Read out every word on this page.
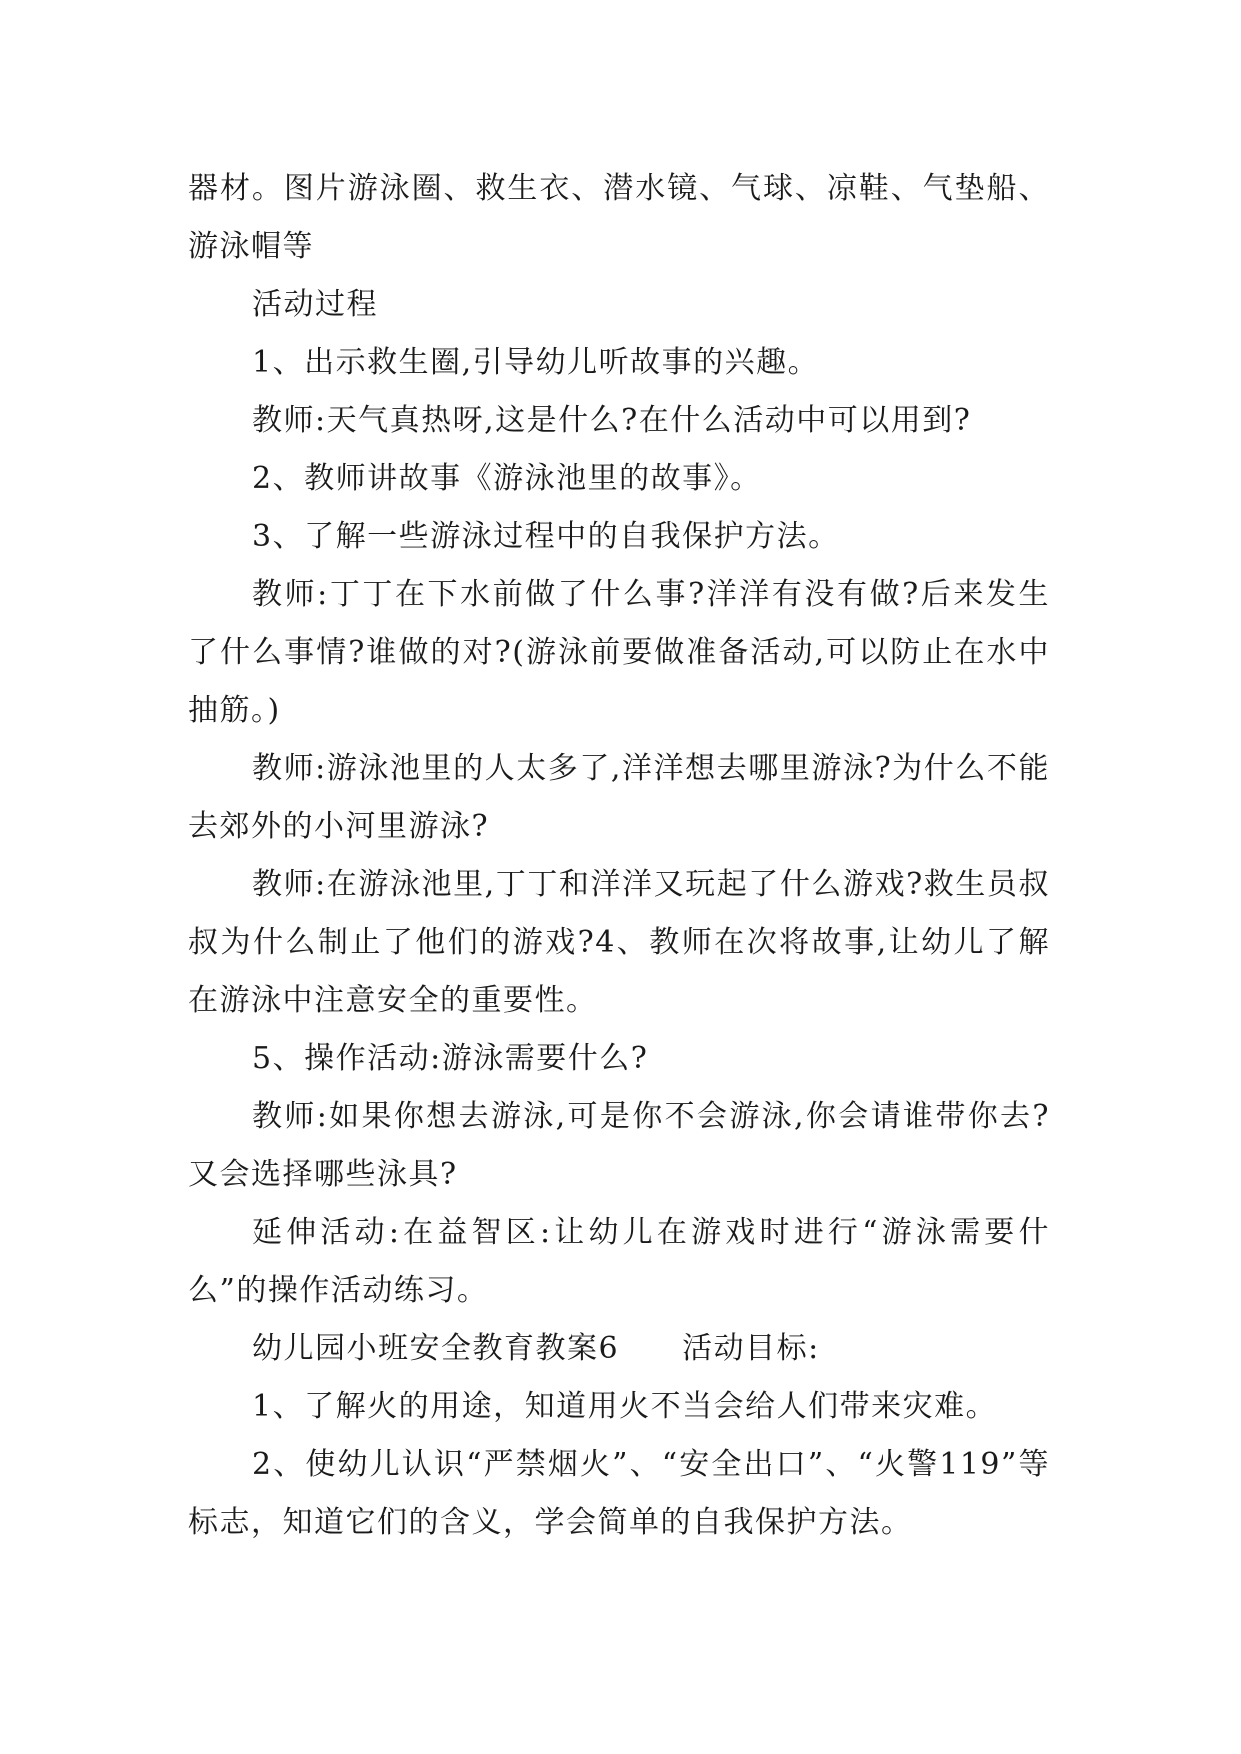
器材。图片游泳圈、救生衣、潜水镜、气球、凉鞋、气垫船、游泳帽等

活动过程

1、出示救生圈,引导幼儿听故事的兴趣。

教师:天气真热呀,这是什么?在什么活动中可以用到?

2、教师讲故事《游泳池里的故事》。

3、了解一些游泳过程中的自我保护方法。

教师:丁丁在下水前做了什么事?洋洋有没有做?后来发生了什么事情?谁做的对?(游泳前要做准备活动,可以防止在水中抽筋。)

教师:游泳池里的人太多了,洋洋想去哪里游泳?为什么不能去郊外的小河里游泳?

教师:在游泳池里,丁丁和洋洋又玩起了什么游戏?救生员叔叔为什么制止了他们的游戏?4、教师在次将故事,让幼儿了解在游泳中注意安全的重要性。

5、操作活动:游泳需要什么?

教师:如果你想去游泳,可是你不会游泳,你会请谁带你去?又会选择哪些泳具?

延伸活动:在益智区:让幼儿在游戏时进行“游泳需要什么”的操作活动练习。

幼儿园小班安全教育教案6　　活动目标:

1、了解火的用途，知道用火不当会给人们带来灾难。

2、使幼儿认识“严禁烟火”、“安全出口”、“火警119”等标志，知道它们的含义，学会简单的自我保护方法。
